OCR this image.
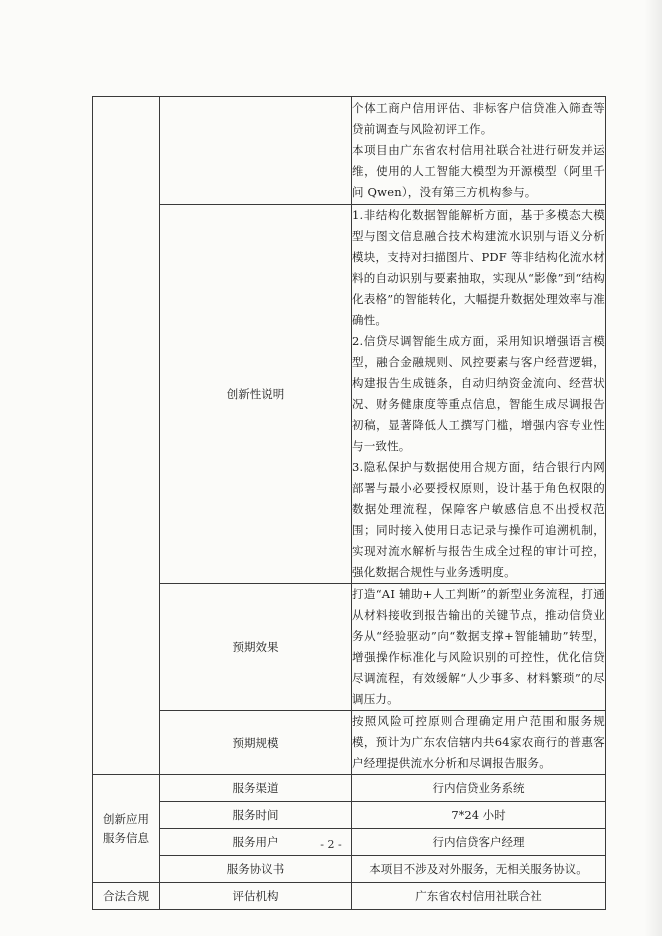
		个体工商户信用评估、非标客户信贷准入筛查等贷前调查与风险初评工作。

本项目由广东省农村信用社联合社进行研发并运维，使用的人工智能大模型为开源模型（阿里千问 Qwen），没有第三方机构参与。

	创新性说明	1.非结构化数据智能解析方面，基于多模态大模型与图文信息融合技术构建流水识别与语义分析模块，支持对扫描图片、PDF 等非结构化流水材料的自动识别与要素抽取，实现从“影像”到“结构化表格”的智能转化，大幅提升数据处理效率与准确性。

2.信贷尽调智能生成方面，采用知识增强语言模型，融合金融规则、风控要素与客户经营逻辑，构建报告生成链条，自动归纳资金流向、经营状况、财务健康度等重点信息，智能生成尽调报告初稿，显著降低人工撰写门槛，增强内容专业性与一致性。

3.隐私保护与数据使用合规方面，结合银行内网部署与最小必要授权原则，设计基于角色权限的数据处理流程，保障客户敏感信息不出授权范围；同时接入使用日志记录与操作可追溯机制，实现对流水解析与报告生成全过程的审计可控，强化数据合规性与业务透明度。

	预期效果	打造“AI 辅助+人工判断”的新型业务流程，打通从材料接收到报告输出的关键节点，推动信贷业务从“经验驱动”向“数据支撑+智能辅助”转型，增强操作标准化与风险识别的可控性，优化信贷尽调流程，有效缓解“人少事多、材料繁琐”的尽调压力。

	预期规模	按照风险可控原则合理确定用户范围和服务规模，预计为广东农信辖内共64家农商行的普惠客户经理提供流水分析和尽调报告服务。

创新应用服务信息	服务渠道	行内信贷业务系统
	服务时间	7*24 小时
	服务用户	行内信贷客户经理
	服务协议书	本项目不涉及对外服务，无相关服务协议。
合法合规	评估机构	广东省农村信用社联合社
- 2 -
